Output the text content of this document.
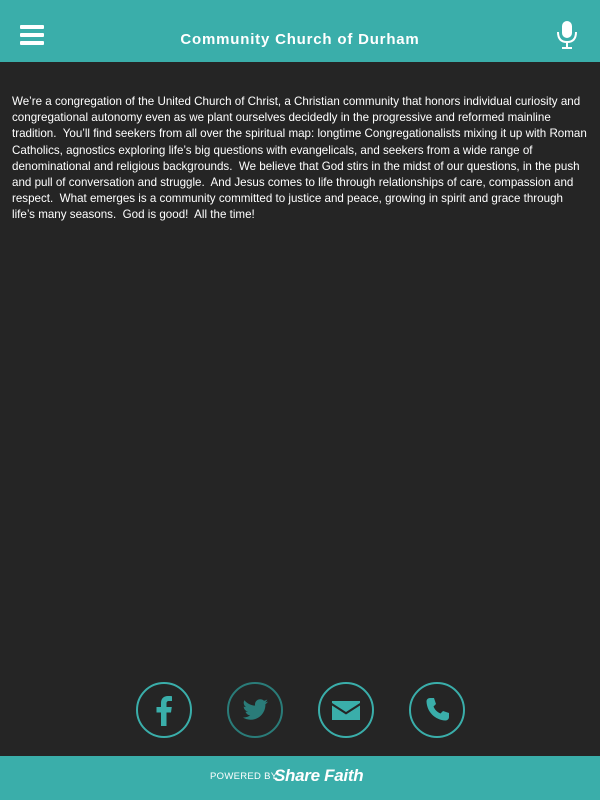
Community Church of Durham
We’re a congregation of the United Church of Christ, a Christian community that honors individual curiosity and congregational autonomy even as we plant ourselves decidedly in the progressive and reformed mainline tradition.  You’ll find seekers from all over the spiritual map: longtime Congregationalists mixing it up with Roman Catholics, agnostics exploring life’s big questions with evangelicals, and seekers from a wide range of denominational and religious backgrounds.  We believe that God stirs in the midst of our questions, in the push and pull of conversation and struggle.  And Jesus comes to life through relationships of care, compassion and respect.  What emerges is a community committed to justice and peace, growing in spirit and grace through life’s many seasons.  God is good!  All the time!
POWERED BY
Share Faith
